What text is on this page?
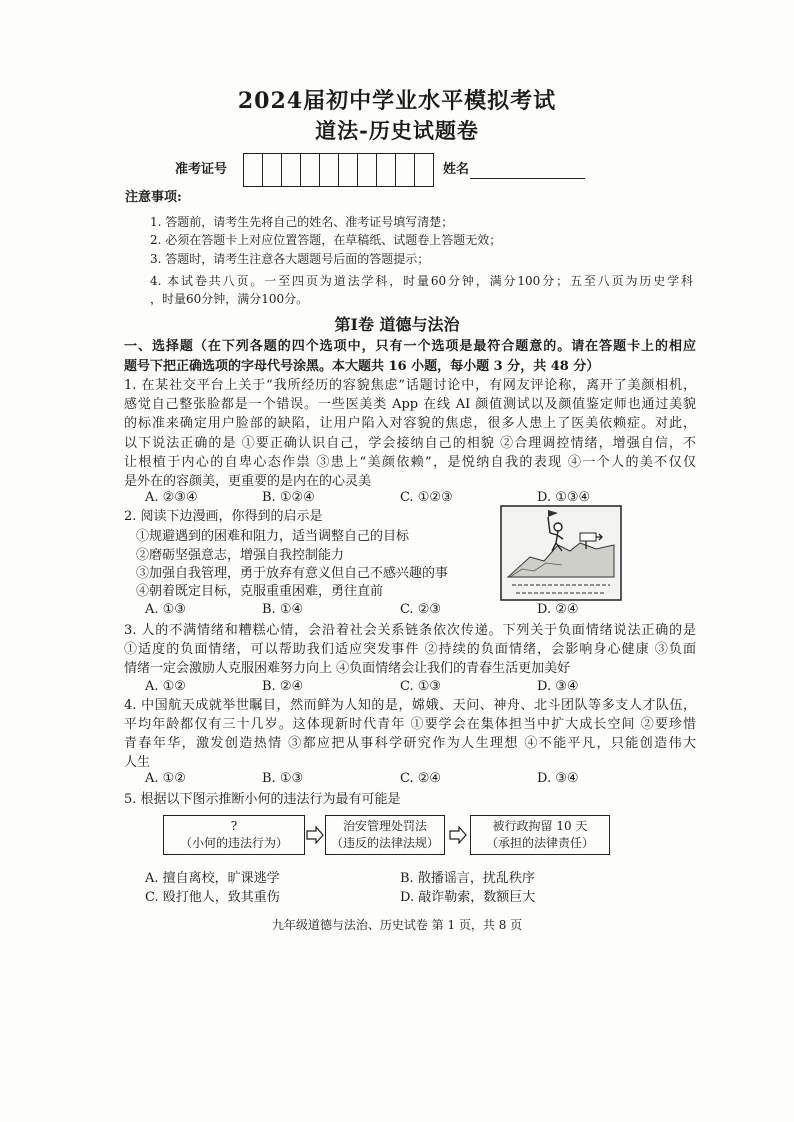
2024届初中学业水平模拟考试
道法-历史试题卷
准考证号	姓名
注意事项:
1. 答题前，请考生先将自己的姓名、准考证号填写清楚；
2. 必须在答题卡上对应位置答题，在草稿纸、试题卷上答题无效；
3. 答题时，请考生注意各大题题号后面的答题提示；
4. 本试卷共八页。一至四页为道法学科，时量60分钟，满分100分；五至八页为历史学科
，时量60分钟，满分100分。
第I卷 道德与法治
一、选择题（在下列各题的四个选项中，只有一个选项是最符合题意的。请在答题卡上的相应
题号下把正确选项的字母代号涂黑。本大题共 16 小题，每小题 3 分，共 48 分）
1. 在某社交平台上关于“我所经历的容貌焦虑”话题讨论中，有网友评论称，离开了美颜相机，
感觉自己整张脸都是一个错误。一些医美类 App 在线 AI 颜值测试以及颜值鉴定师也通过美貌
的标准来确定用户脸部的缺陷，让用户陷入对容貌的焦虑，很多人患上了医美依赖症。对此，
以下说法正确的是 ①要正确认识自己，学会接纳自己的相貌 ②合理调控情绪，增强自信，不
让根植于内心的自卑心态作祟 ③患上“美颜依赖”，是悦纳自我的表现 ④一个人的美不仅仅
是外在的容颜美，更重要的是内在的心灵美
A. ②③④	B. ①②④	C. ①②③	D. ①③④
2. 阅读下边漫画，你得到的启示是
①规避遇到的困难和阻力，适当调整自己的目标
②磨砺坚强意志，增强自我控制能力
③加强自我管理，勇于放弃有意义但自己不感兴趣的事
④朝着既定目标，克服重重困难，勇往直前
A. ①③	B. ①④	C. ②③	D. ②④
3. 人的不满情绪和糟糕心情，会沿着社会关系链条依次传递。下列关于负面情绪说法正确的是
①适度的负面情绪，可以帮助我们适应突发事件 ②持续的负面情绪，会影响身心健康 ③负面
情绪一定会激励人克服困难努力向上 ④负面情绪会让我们的青春生活更加美好
A. ①②	B. ②④	C. ①③	D. ③④
4. 中国航天成就举世瞩目，然而鲜为人知的是，嫦娥、天问、神舟、北斗团队等多支人才队伍，
平均年龄都仅有三十几岁。这体现新时代青年 ①要学会在集体担当中扩大成长空间 ②要珍惜
青春年华，激发创造热情 ③都应把从事科学研究作为人生理想 ④不能平凡，只能创造伟大
人生
A. ①②	B. ①③	C. ②④	D. ③④
5. 根据以下图示推断小何的违法行为最有可能是
?
（小何的违法行为）
治安管理处罚法
（违反的法律法规）
被行政拘留 10 天
（承担的法律责任）
A. 擅自离校，旷课逃学	B. 散播谣言，扰乱秩序
C. 殴打他人，致其重伤	D. 敲诈勒索，数额巨大
九年级道德与法治、历史试卷 第 1 页，共 8 页
